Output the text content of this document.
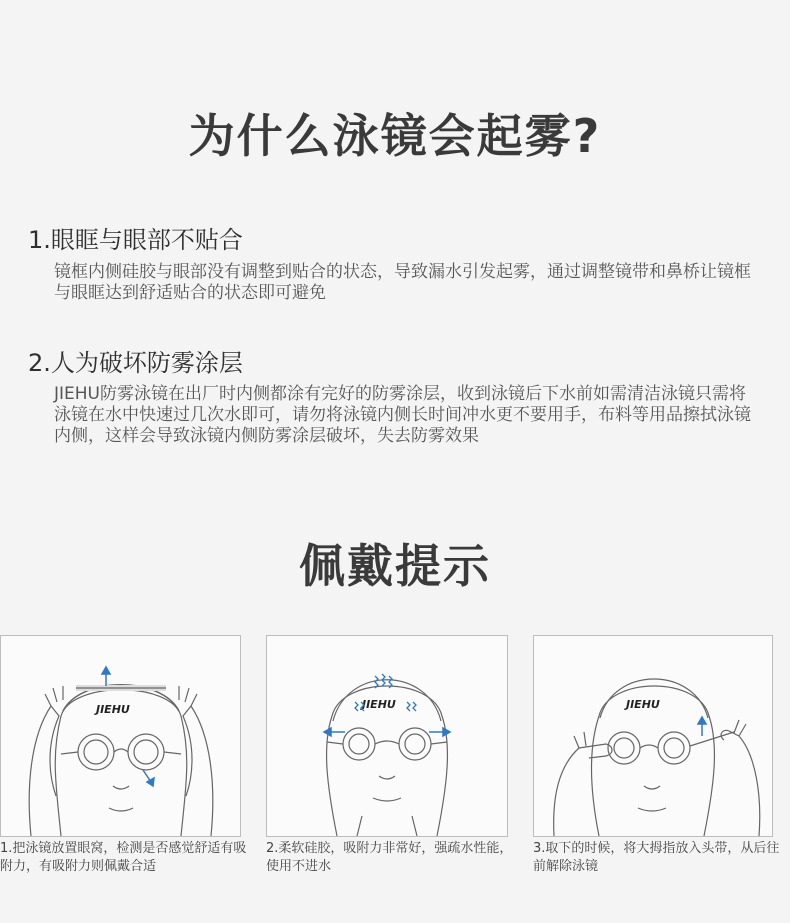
为什么泳镜会起雾?
1.眼眶与眼部不贴合
镜框内侧硅胶与眼部没有调整到贴合的状态，导致漏水引发起雾，通过调整镜带和鼻桥让镜框与眼眶达到舒适贴合的状态即可避免
2.人为破坏防雾涂层
JIEHU防雾泳镜在出厂时内侧都涂有完好的防雾涂层，收到泳镜后下水前如需清洁泳镜只需将泳镜在水中快速过几次水即可，请勿将泳镜内侧长时间冲水更不要用手，布料等用品擦拭泳镜内侧，这样会导致泳镜内侧防雾涂层破坏，失去防雾效果
佩戴提示
JIEHU	JIEHU	JIEHU
1.把泳镜放置眼窝，检测是否感觉舒适有吸附力，有吸附力则佩戴合适
2.柔软硅胶，吸附力非常好，强疏水性能，使用不进水
3.取下的时候，将大拇指放入头带，从后往前解除泳镜
